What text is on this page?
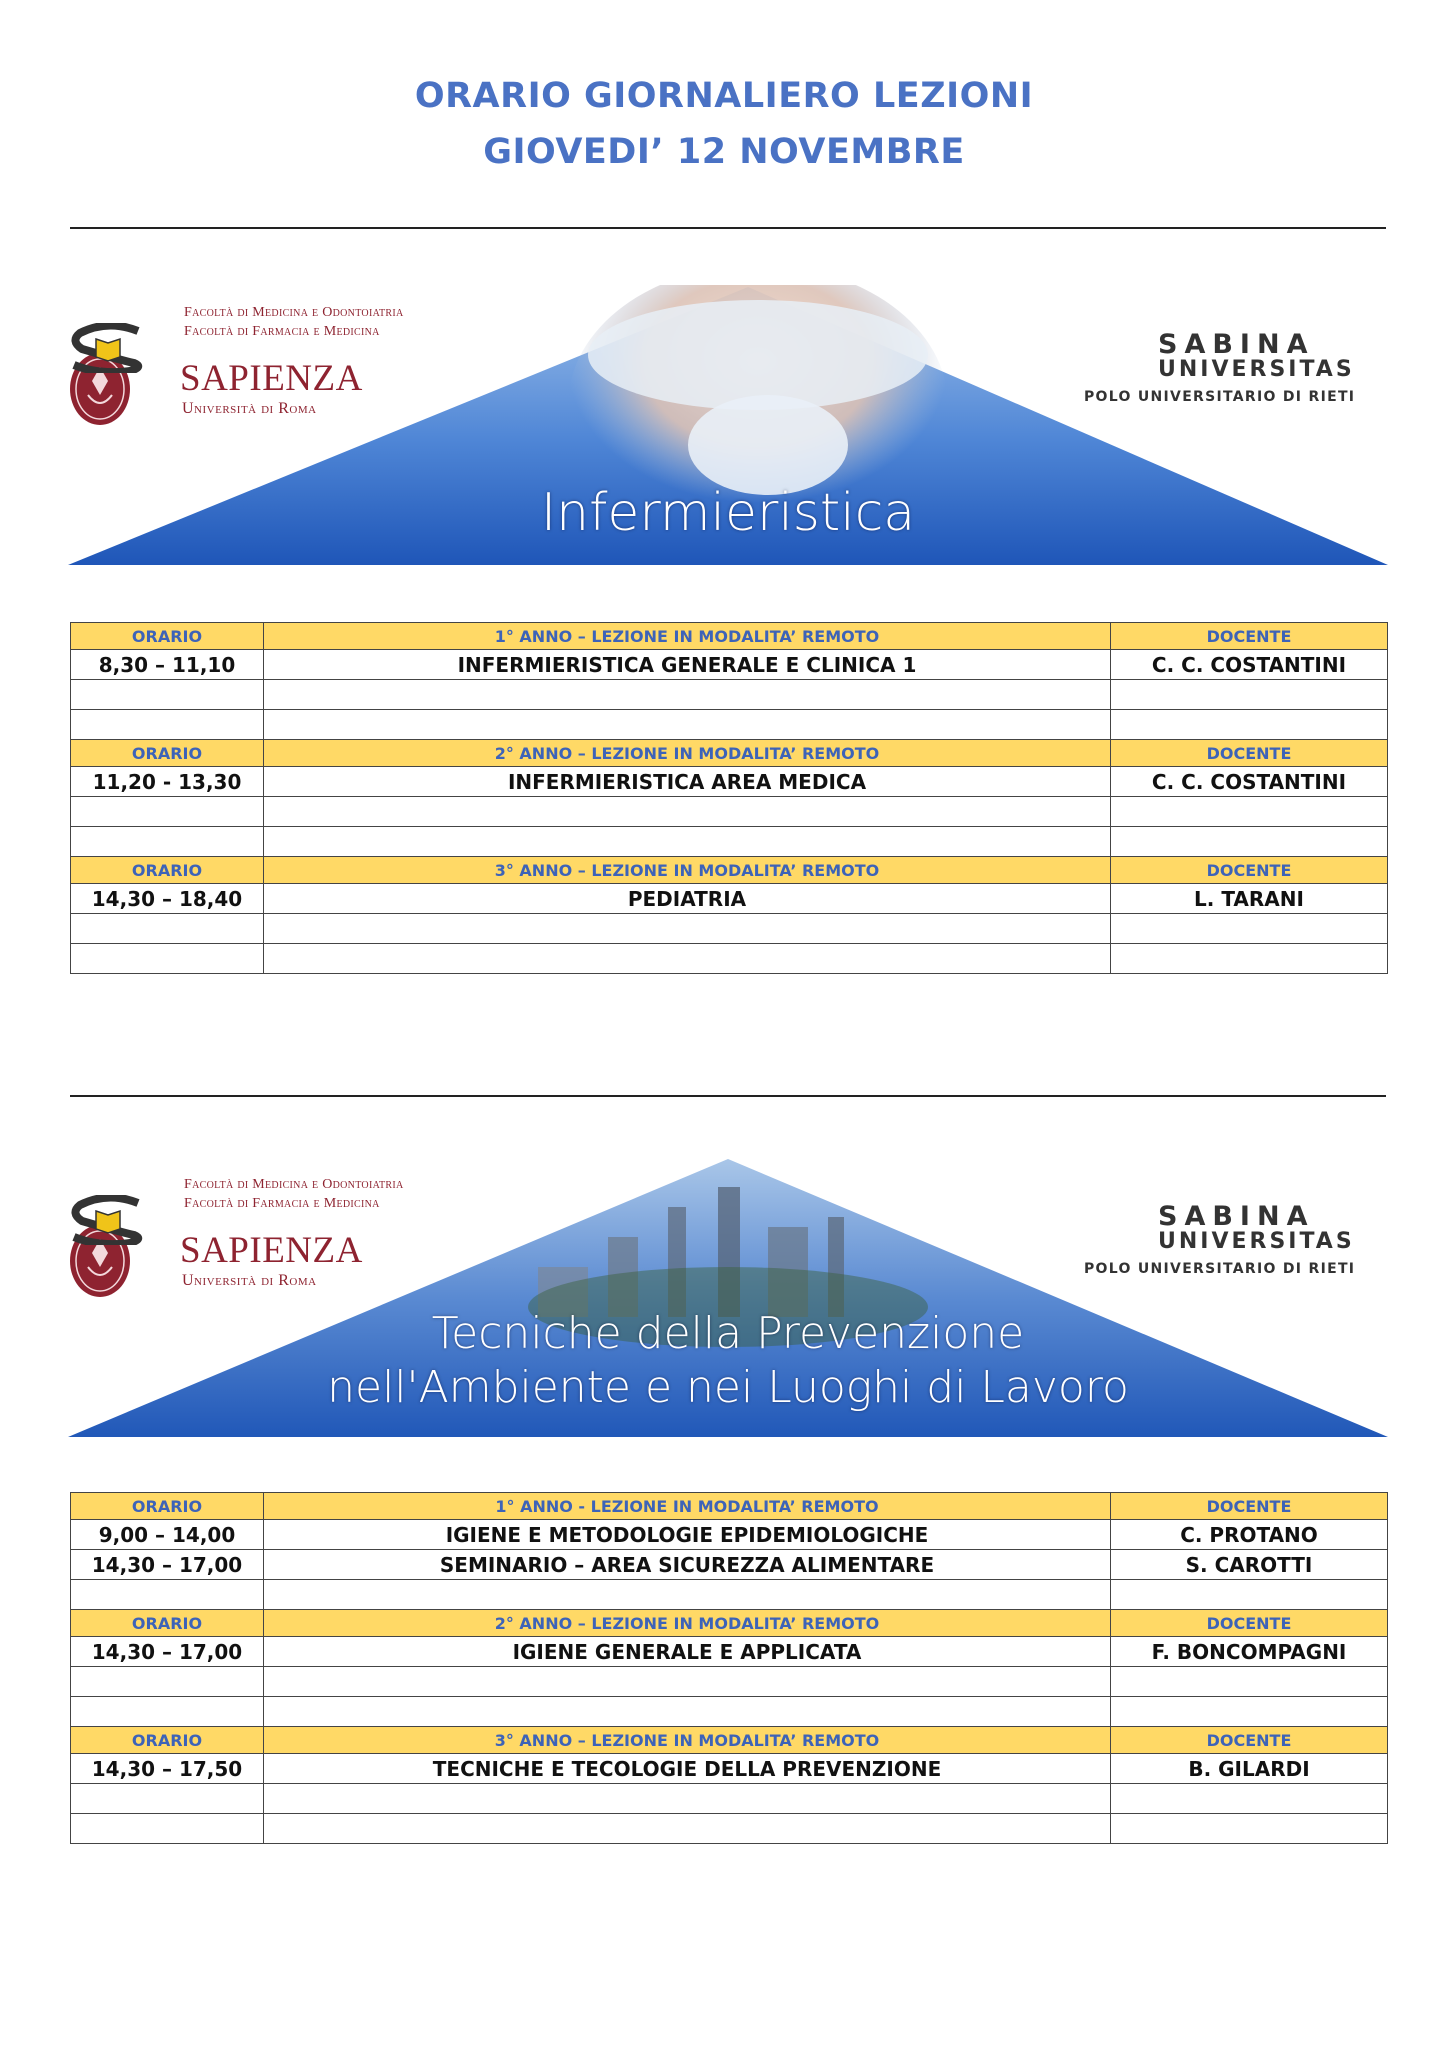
ORARIO GIORNALIERO LEZIONI
GIOVEDI’ 12 NOVEMBRE
Facoltà di Medicina e Odontoiatria
Facoltà di Farmacia e Medicina
SAPIENZA
Università di Roma
SABINA
UNIVERSITAS
POLO UNIVERSITARIO DI RIETI
Infermieristica
ORARIO	1° ANNO – LEZIONE IN MODALITA’ REMOTO	DOCENTE
8,30 – 11,10	INFERMIERISTICA GENERALE E CLINICA 1	C. C. COSTANTINI

ORARIO	2° ANNO – LEZIONE IN MODALITA’ REMOTO	DOCENTE
11,20 - 13,30	INFERMIERISTICA AREA MEDICA	C. C. COSTANTINI

ORARIO	3° ANNO – LEZIONE IN MODALITA’ REMOTO	DOCENTE
14,30 – 18,40	PEDIATRIA	L. TARANI

Facoltà di Medicina e Odontoiatria
Facoltà di Farmacia e Medicina
SAPIENZA
Università di Roma
SABINA
UNIVERSITAS
POLO UNIVERSITARIO DI RIETI
Tecniche della Prevenzione
nell'Ambiente e nei Luoghi di Lavoro
ORARIO	1° ANNO - LEZIONE IN MODALITA’ REMOTO	DOCENTE
9,00 – 14,00	IGIENE E METODOLOGIE EPIDEMIOLOGICHE	C. PROTANO
14,30 – 17,00	SEMINARIO – AREA SICUREZZA ALIMENTARE	S. CAROTTI

ORARIO	2° ANNO – LEZIONE IN MODALITA’ REMOTO	DOCENTE
14,30 – 17,00	IGIENE GENERALE E APPLICATA	F. BONCOMPAGNI

ORARIO	3° ANNO – LEZIONE IN MODALITA’ REMOTO	DOCENTE
14,30 – 17,50	TECNICHE E TECOLOGIE DELLA PREVENZIONE	B. GILARDI
